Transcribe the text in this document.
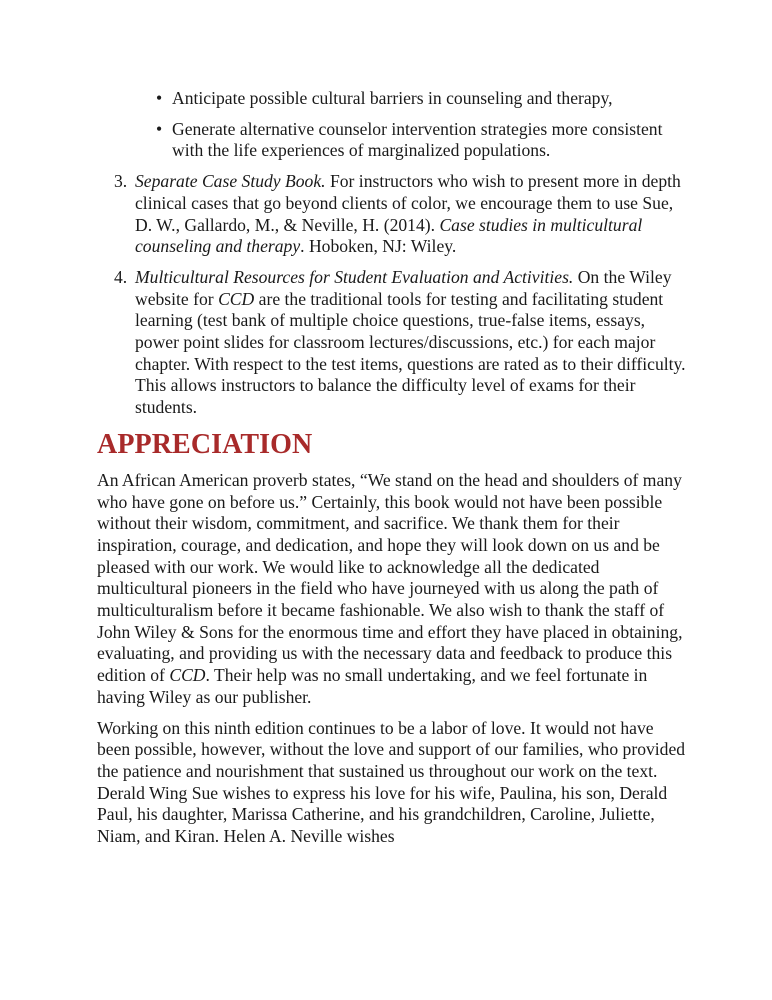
• Anticipate possible cultural barriers in counseling and therapy,
• Generate alternative counselor intervention strategies more consistent with the life experiences of marginalized populations.
3. Separate Case Study Book. For instructors who wish to present more in depth clinical cases that go beyond clients of color, we encourage them to use Sue, D. W., Gallardo, M., & Neville, H. (2014). Case studies in multicultural counseling and therapy. Hoboken, NJ: Wiley.
4. Multicultural Resources for Student Evaluation and Activities. On the Wiley website for CCD are the traditional tools for testing and facilitating student learning (test bank of multiple choice questions, true-false items, essays, power point slides for classroom lectures/discussions, etc.) for each major chapter. With respect to the test items, questions are rated as to their difficulty. This allows instructors to balance the difficulty level of exams for their students.
APPRECIATION

An African American proverb states, “We stand on the head and shoulders of many who have gone on before us.” Certainly, this book would not have been possible without their wisdom, commitment, and sacrifice. We thank them for their inspiration, courage, and dedication, and hope they will look down on us and be pleased with our work. We would like to acknowledge all the dedicated multicultural pioneers in the field who have journeyed with us along the path of multiculturalism before it became fashionable. We also wish to thank the staff of John Wiley & Sons for the enormous time and effort they have placed in obtaining, evaluating, and providing us with the necessary data and feedback to produce this edition of CCD. Their help was no small undertaking, and we feel fortunate in having Wiley as our publisher.

Working on this ninth edition continues to be a labor of love. It would not have been possible, however, without the love and support of our families, who provided the patience and nourishment that sustained us throughout our work on the text. Derald Wing Sue wishes to express his love for his wife, Paulina, his son, Derald Paul, his daughter, Marissa Catherine, and his grandchildren, Caroline, Juliette, Niam, and Kiran. Helen A. Neville wishes
